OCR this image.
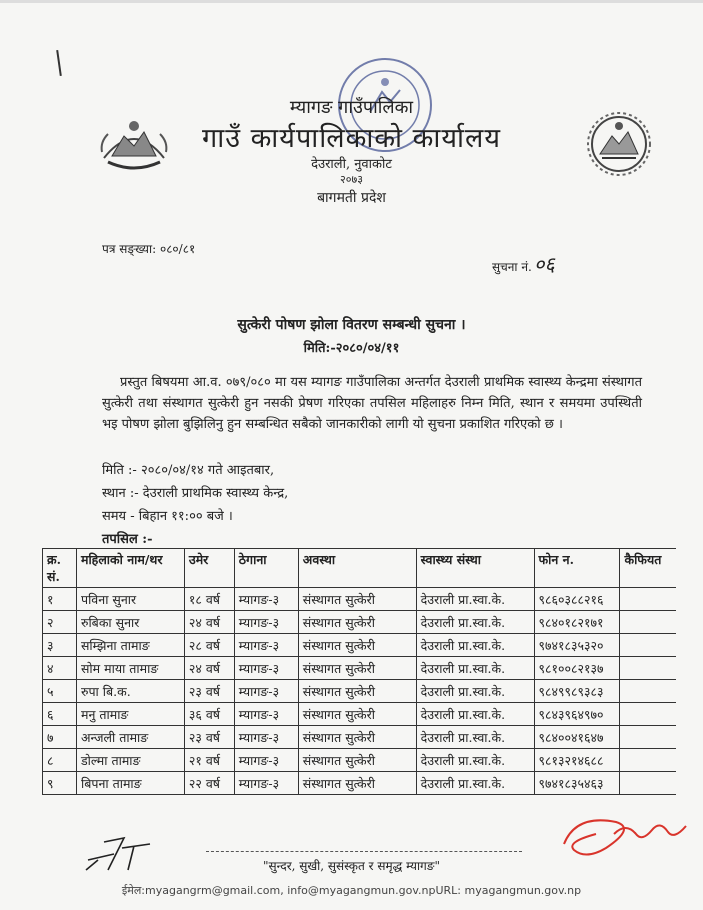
म्यागङ गाउँपालिका
गाउँ कार्यपालिकाको कार्यालय
देउराली, नुवाकोट
२०७३
बागमती प्रदेश
पत्र सङ्ख्या: ०८०/८१
सुचना नं. ०६
सुत्केरी पोषण झोला वितरण सम्बन्धी सुचना ।
मिति:-२०८०/०४/११
प्रस्तुत बिषयमा आ.व. ०७९/०८० मा यस म्यागङ गाउँपालिका अन्तर्गत देउराली प्राथमिक स्वास्थ्य केन्द्रमा संस्थागत सुत्केरी तथा संस्थागत सुत्केरी हुन नसकी प्रेषण गरिएका तपसिल महिलाहरु निम्न मिति, स्थान र समयमा उपस्थिती भइ पोषण झोला बुझिलिनु हुन सम्बन्धित सबैको जानकारीको लागी यो सुचना प्रकाशित गरिएको छ ।
मिति :- २०८०/०४/१४ गते आइतबार,
स्थान :- देउराली प्राथमिक स्वास्थ्य केन्द्र,
समय - बिहान ११:०० बजे ।
तपसिल :-
क्र. सं.	महिलाको नाम/थर	उमेर	ठेगाना	अवस्था	स्वास्थ्य संस्था	फोन न.	कैफियत
१	पविना सुनार	१८ वर्ष	म्यागङ-३	संस्थागत सुत्केरी	देउराली प्रा.स्वा.के.	९८६०३८८२१६	
२	रुबिका सुनार	२४ वर्ष	म्यागङ-३	संस्थागत सुत्केरी	देउराली प्रा.स्वा.के.	९८४०१८२१७१	
३	सम्झिना तामाङ	२८ वर्ष	म्यागङ-३	संस्थागत सुत्केरी	देउराली प्रा.स्वा.के.	९७४१८३५३२०	
४	सोम माया तामाङ	२४ वर्ष	म्यागङ-३	संस्थागत सुत्केरी	देउराली प्रा.स्वा.के.	९८१००८२१३७	
५	रुपा बि.क.	२३ वर्ष	म्यागङ-३	संस्थागत सुत्केरी	देउराली प्रा.स्वा.के.	९८४९९८९३८३	
६	मनु तामाङ	३६ वर्ष	म्यागङ-३	संस्थागत सुत्केरी	देउराली प्रा.स्वा.के.	९८४३९६४९७०	
७	अन्जली तामाङ	२३ वर्ष	म्यागङ-३	संस्थागत सुत्केरी	देउराली प्रा.स्वा.के.	९८४००४१६४७	
८	डोल्मा तामाङ	२१ वर्ष	म्यागङ-३	संस्थागत सुत्केरी	देउराली प्रा.स्वा.के.	९८१३२१४६८८	
९	बिपना तामाङ	२२ वर्ष	म्यागङ-३	संस्थागत सुत्केरी	देउराली प्रा.स्वा.के.	९७४१८३५४६३	
"सुन्दर, सुखी, सुसंस्कृत र समृद्ध म्यागङ"
ईमेल:myagangrm@gmail.com, info@myagangmun.gov.npURL: myagangmun.gov.np
